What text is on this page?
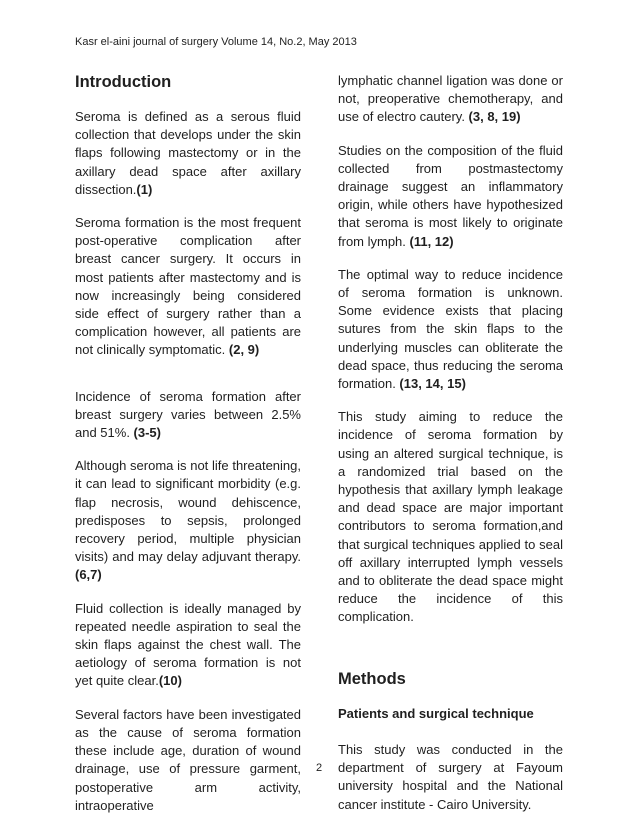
Kasr el-aini journal of surgery Volume 14, No.2, May 2013
Introduction

Seroma is defined as a serous fluid collection that develops under the skin flaps following mastectomy or in the axillary dead space after axillary dissection.(1)

Seroma formation is the most frequent post-operative complication after breast cancer surgery. It occurs in most patients after mastectomy and is now increasingly being considered side effect of surgery rather than a complication however, all patients are not clinically symptomatic. (2, 9)

Incidence of seroma formation after breast surgery varies between 2.5% and 51%. (3-5)

Although seroma is not life threatening, it can lead to significant morbidity (e.g. flap necrosis, wound dehiscence, predisposes to sepsis, prolonged recovery period, multiple physician visits) and may delay adjuvant therapy. (6,7)

Fluid collection is ideally managed by repeated needle aspiration to seal the skin flaps against the chest wall. The aetiology of seroma formation is not yet quite clear.(10)

Several factors have been investigated as the cause of seroma formation these include age, duration of wound drainage, use of pressure garment, postoperative arm activity, intraoperative

lymphatic channel ligation was done or not, preoperative chemotherapy, and use of electro cautery. (3, 8, 19)

Studies on the composition of the fluid collected from postmastectomy drainage suggest an inflammatory origin, while others have hypothesized that seroma is most likely to originate from lymph. (11, 12)

The optimal way to reduce incidence of seroma formation is unknown. Some evidence exists that placing sutures from the skin flaps to the underlying muscles can obliterate the dead space, thus reducing the seroma formation. (13, 14, 15)

This study aiming to reduce the incidence of seroma formation by using an altered surgical technique, is a randomized trial based on the hypothesis that axillary lymph leakage and dead space are major important contributors to seroma formation,and that surgical techniques applied to seal off axillary interrupted lymph vessels and to obliterate the dead space might reduce the incidence of this complication.

Methods
Patients and surgical technique

This study was conducted in the department of surgery at Fayoum university hospital and the National cancer institute - Cairo University.

2
